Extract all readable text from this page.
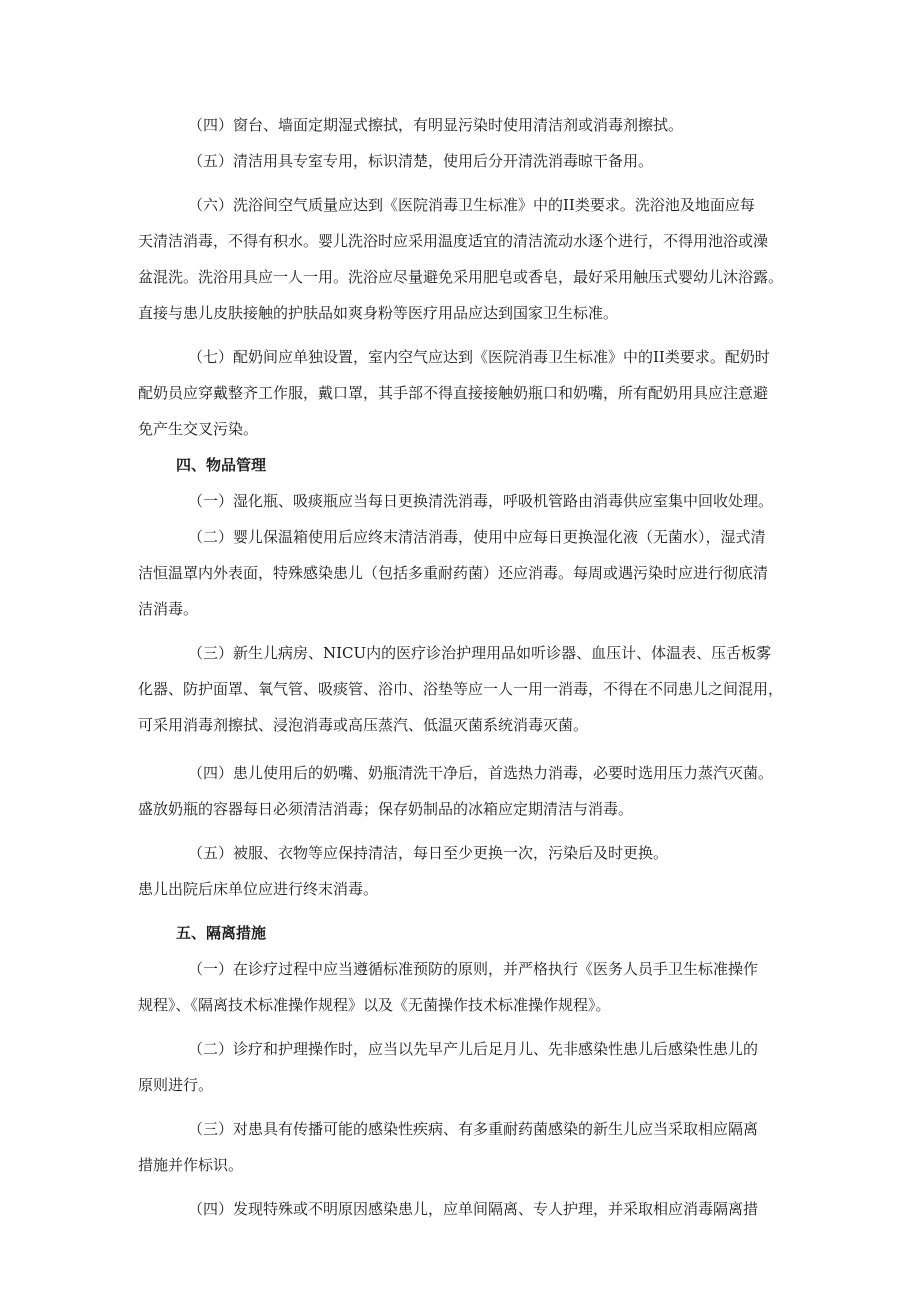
（四）窗台、墙面定期湿式擦拭，有明显污染时使用清洁剂或消毒剂擦拭。

（五）清洁用具专室专用，标识清楚，使用后分开清洗消毒晾干备用。

（六）洗浴间空气质量应达到《医院消毒卫生标准》中的II类要求。洗浴池及地面应每

天清洁消毒，不得有积水。婴儿洗浴时应采用温度适宜的清洁流动水逐个进行，不得用池浴或澡

盆混洗。洗浴用具应一人一用。洗浴应尽量避免采用肥皂或香皂，最好采用触压式婴幼儿沐浴露。

直接与患儿皮肤接触的护肤品如爽身粉等医疗用品应达到国家卫生标准。

（七）配奶间应单独设置，室内空气应达到《医院消毒卫生标准》中的II类要求。配奶时

配奶员应穿戴整齐工作服，戴口罩，其手部不得直接接触奶瓶口和奶嘴，所有配奶用具应注意避

免产生交叉污染。

四、物品管理

（一）湿化瓶、吸痰瓶应当每日更换清洗消毒，呼吸机管路由消毒供应室集中回收处理。

（二）婴儿保温箱使用后应终末清洁消毒，使用中应每日更换湿化液（无菌水），湿式清

洁恒温罩内外表面，特殊感染患儿（包括多重耐药菌）还应消毒。每周或遇污染时应进行彻底清

洁消毒。

（三）新生儿病房、NICU内的医疗诊治护理用品如听诊器、血压计、体温表、压舌板雾

化器、防护面罩、氧气管、吸痰管、浴巾、浴垫等应一人一用一消毒，不得在不同患儿之间混用，

可采用消毒剂擦拭、浸泡消毒或高压蒸汽、低温灭菌系统消毒灭菌。

（四）患儿使用后的奶嘴、奶瓶清洗干净后，首选热力消毒，必要时选用压力蒸汽灭菌。

盛放奶瓶的容器每日必须清洁消毒；保存奶制品的冰箱应定期清洁与消毒。

（五）被服、衣物等应保持清洁，每日至少更换一次，污染后及时更换。

患儿出院后床单位应进行终末消毒。

五、隔离措施

（一）在诊疗过程中应当遵循标准预防的原则，并严格执行《医务人员手卫生标准操作

规程》、《隔离技术标准操作规程》以及《无菌操作技术标准操作规程》。

（二）诊疗和护理操作时，应当以先早产儿后足月儿、先非感染性患儿后感染性患儿的

原则进行。

（三）对患具有传播可能的感染性疾病、有多重耐药菌感染的新生儿应当采取相应隔离

措施并作标识。

（四）发现特殊或不明原因感染患儿，应单间隔离、专人护理，并采取相应消毒隔离措
